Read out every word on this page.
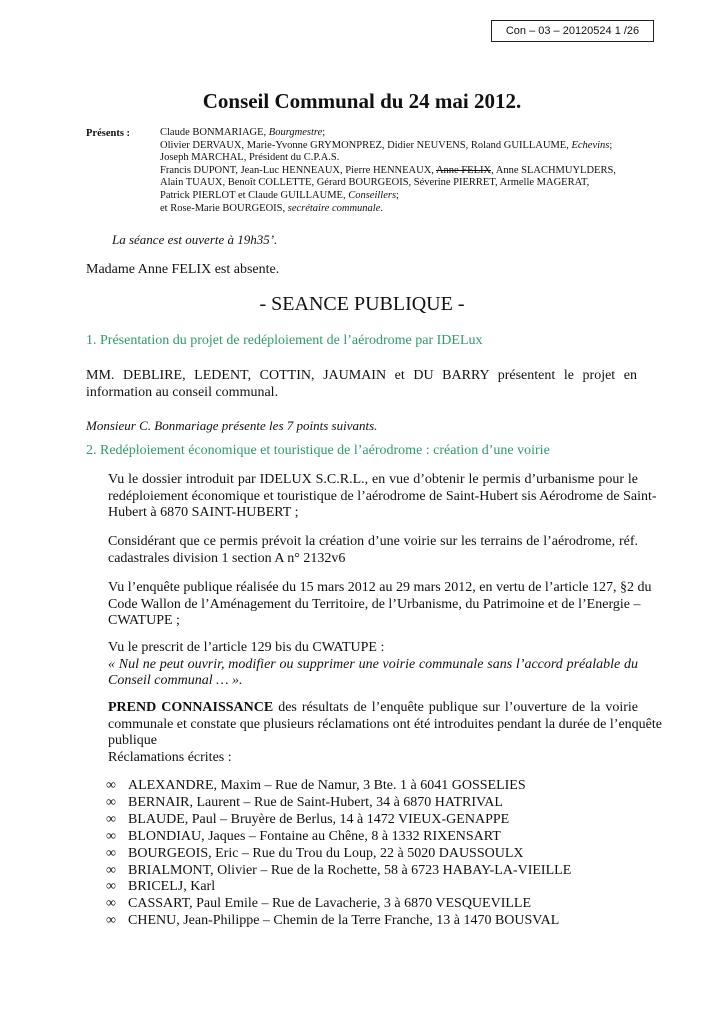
Con – 03 – 20120524 1 /26
Conseil Communal du 24 mai 2012.
Présents :	Claude BONMARIAGE, Bourgmestre;
Olivier DERVAUX, Marie-Yvonne GRYMONPREZ, Didier NEUVENS, Roland GUILLAUME, Echevins;
Joseph MARCHAL, Président du C.P.A.S.
Francis DUPONT, Jean-Luc HENNEAUX, Pierre HENNEAUX, Anne FELIX, Anne SLACHMUYLDERS,
Alain TUAUX, Benoît COLLETTE, Gérard BOURGEOIS, Séverine PIERRET, Armelle MAGERAT,
Patrick PIERLOT et Claude GUILLAUME, Conseillers;
et Rose-Marie BOURGEOIS, secrétaire communale.
La séance est ouverte à 19h35’.
Madame Anne FELIX est absente.
- SEANCE PUBLIQUE -
1. Présentation du projet de redéploiement de l’aérodrome par IDELux
MM. DEBLIRE, LEDENT, COTTIN, JAUMAIN et DU BARRY présentent le projet en
information au conseil communal.
Monsieur C. Bonmariage présente les 7 points suivants.
2. Redéploiement économique et touristique de l’aérodrome : création d’une voirie
Vu le dossier introduit par IDELUX S.C.R.L., en vue d’obtenir le permis d’urbanisme pour le
redéploiement économique et touristique de l’aérodrome de Saint-Hubert sis Aérodrome de Saint-
Hubert à 6870 SAINT-HUBERT ;
Considérant que ce permis prévoit la création d’une voirie sur les terrains de l’aérodrome, réf.
cadastrales division 1 section A n° 2132v6
Vu l’enquête publique réalisée du 15 mars 2012 au 29 mars 2012, en vertu de l’article 127, §2 du
Code Wallon de l’Aménagement du Territoire, de l’Urbanisme, du Patrimoine et de l’Energie –
CWATUPE ;
Vu le prescrit de l’article 129 bis du CWATUPE :
« Nul ne peut ouvrir, modifier ou supprimer une voirie communale sans l’accord préalable du
Conseil communal … ».
PREND CONNAISSANCE des résultats de l’enquête publique sur l’ouverture de la voirie
communale et constate que plusieurs réclamations ont été introduites pendant la durée de l’enquête
publique
Réclamations écrites :
∞ ALEXANDRE, Maxim – Rue de Namur, 3 Bte. 1 à 6041 GOSSELIES
∞ BERNAIR, Laurent – Rue de Saint-Hubert, 34 à 6870 HATRIVAL
∞ BLAUDE, Paul – Bruyère de Berlus, 14 à 1472 VIEUX-GENAPPE
∞ BLONDIAU, Jaques – Fontaine au Chêne, 8 à 1332 RIXENSART
∞ BOURGEOIS, Eric – Rue du Trou du Loup, 22 à 5020 DAUSSOULX
∞ BRIALMONT, Olivier – Rue de la Rochette, 58 à 6723 HABAY-LA-VIEILLE
∞ BRICELJ, Karl
∞ CASSART, Paul Emile – Rue de Lavacherie, 3 à 6870 VESQUEVILLE
∞ CHENU, Jean-Philippe – Chemin de la Terre Franche, 13 à 1470 BOUSVAL
